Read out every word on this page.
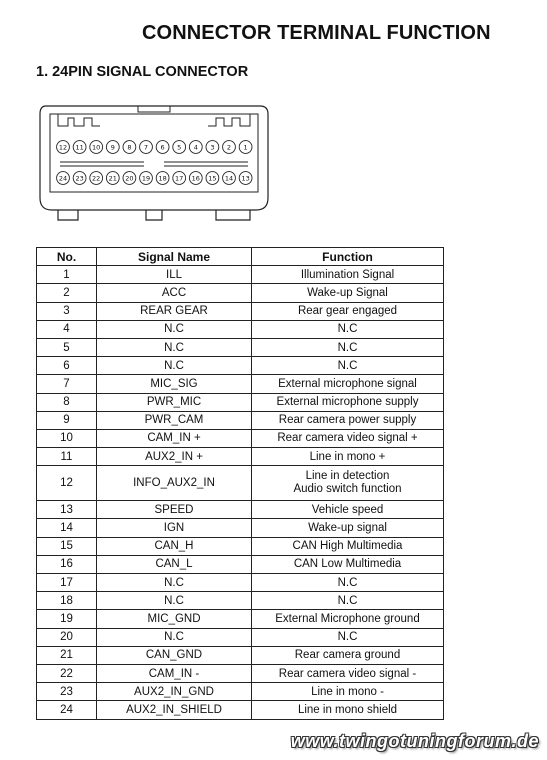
CONNECTOR TERMINAL FUNCTION
1. 24PIN SIGNAL CONNECTOR
12 11 10 9 8 7 6 5 4 3 2 1
24 23 22 21 20 19 18 17 16 15 14 13
No.	Signal Name	Function
1	ILL	Illumination Signal
2	ACC	Wake-up Signal
3	REAR GEAR	Rear gear engaged
4	N.C	N.C
5	N.C	N.C
6	N.C	N.C
7	MIC_SIG	External microphone signal
8	PWR_MIC	External microphone supply
9	PWR_CAM	Rear camera power supply
10	CAM_IN +	Rear camera video signal +
11	AUX2_IN +	Line in mono +
12	INFO_AUX2_IN	Line in detection
Audio switch function

13	SPEED	Vehicle speed
14	IGN	Wake-up signal
15	CAN_H	CAN High Multimedia
16	CAN_L	CAN Low Multimedia
17	N.C	N.C
18	N.C	N.C
19	MIC_GND	External Microphone ground
20	N.C	N.C
21	CAN_GND	Rear camera ground
22	CAM_IN -	Rear camera video signal -
23	AUX2_IN_GND	Line in mono -
24	AUX2_IN_SHIELD	Line in mono shield
www.twingotuningforum.de
